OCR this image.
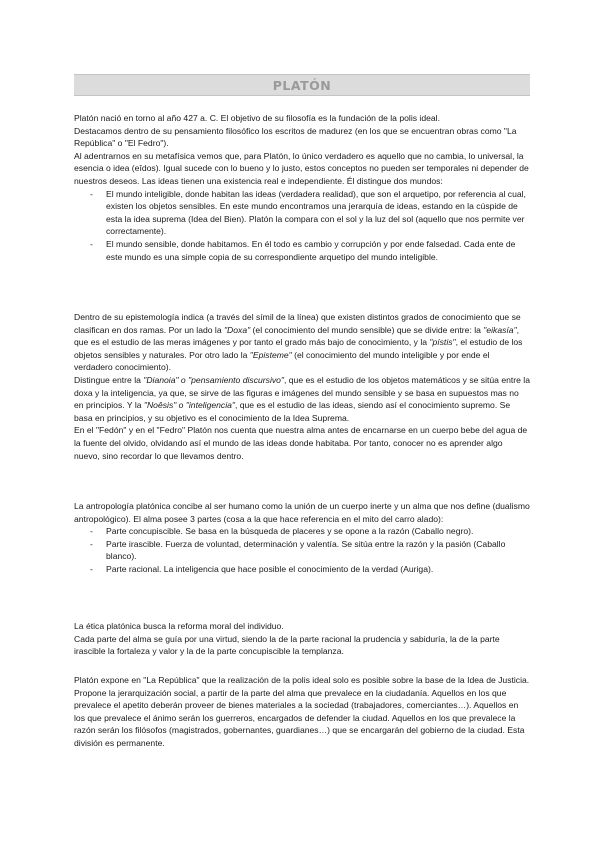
PLATÓN

Platón nació en torno al año 427 a. C. El objetivo de su filosofía es la fundación de la polis ideal.

Destacamos dentro de su pensamiento filosófico los escritos de madurez (en los que se encuentran obras como "La República" o "El Fedro").

Al adentrarnos en su metafísica vemos que, para Platón, lo único verdadero es aquello que no cambia, lo universal, la esencia o idea (eîdos). Igual sucede con lo bueno y lo justo, estos conceptos no pueden ser temporales ni depender de nuestros deseos. Las ideas tienen una existencia real e independiente. Él distingue dos mundos:

- El mundo inteligible, donde habitan las ideas (verdadera realidad), que son el arquetipo, por referencia al cual, existen los objetos sensibles. En este mundo encontramos una jerarquía de ideas, estando en la cúspide de esta la idea suprema (Idea del Bien). Platón la compara con el sol y la luz del sol (aquello que nos permite ver correctamente).
- El mundo sensible, donde habitamos. En él todo es cambio y corrupción y por ende falsedad. Cada ente de este mundo es una simple copia de su correspondiente arquetipo del mundo inteligible.

Dentro de su epistemología indica (a través del símil de la línea) que existen distintos grados de conocimiento que se clasifican en dos ramas. Por un lado la "Doxa" (el conocimiento del mundo sensible) que se divide entre: la "eikasía", que es el estudio de las meras imágenes y por tanto el grado más bajo de conocimiento, y la "pístis", el estudio de los objetos sensibles y naturales. Por otro lado la "Episteme" (el conocimiento del mundo inteligible y por ende el verdadero conocimiento).

Distingue entre la "Dianoia" o "pensamiento discursivo", que es el estudio de los objetos matemáticos y se sitúa entre la doxa y la inteligencia, ya que, se sirve de las figuras e imágenes del mundo sensible y se basa en supuestos mas no en principios. Y la "Noêsis" o "inteligencia", que es el estudio de las ideas, siendo así el conocimiento supremo. Se basa en principios, y su objetivo es el conocimiento de la Idea Suprema.

En el "Fedón" y en el "Fedro" Platón nos cuenta que nuestra alma antes de encarnarse en un cuerpo bebe del agua de la fuente del olvido, olvidando así el mundo de las ideas donde habitaba. Por tanto, conocer no es aprender algo nuevo, sino recordar lo que llevamos dentro.

La antropología platónica concibe al ser humano como la unión de un cuerpo inerte y un alma que nos define (dualismo antropológico). El alma posee 3 partes (cosa a la que hace referencia en el mito del carro alado):

- Parte concupiscible. Se basa en la búsqueda de placeres y se opone a la razón (Caballo negro).
- Parte irascible. Fuerza de voluntad, determinación y valentía. Se sitúa entre la razón y la pasión (Caballo blanco).
- Parte racional. La inteligencia que hace posible el conocimiento de la verdad (Auriga).

La ética platónica busca la reforma moral del individuo.

Cada parte del alma se guía por una virtud, siendo la de la parte racional la prudencia y sabiduría, la de la parte irascible la fortaleza y valor y la de la parte concupiscible la templanza.

Platón expone en "La República" que la realización de la polis ideal solo es posible sobre la base de la Idea de Justicia. Propone la jerarquización social, a partir de la parte del alma que prevalece en la ciudadanía. Aquellos en los que prevalece el apetito deberán proveer de bienes materiales a la sociedad (trabajadores, comerciantes…). Aquellos en los que prevalece el ánimo serán los guerreros, encargados de defender la ciudad. Aquellos en los que prevalece la razón serán los filósofos (magistrados, gobernantes, guardianes…) que se encargarán del gobierno de la ciudad. Esta división es permanente.
